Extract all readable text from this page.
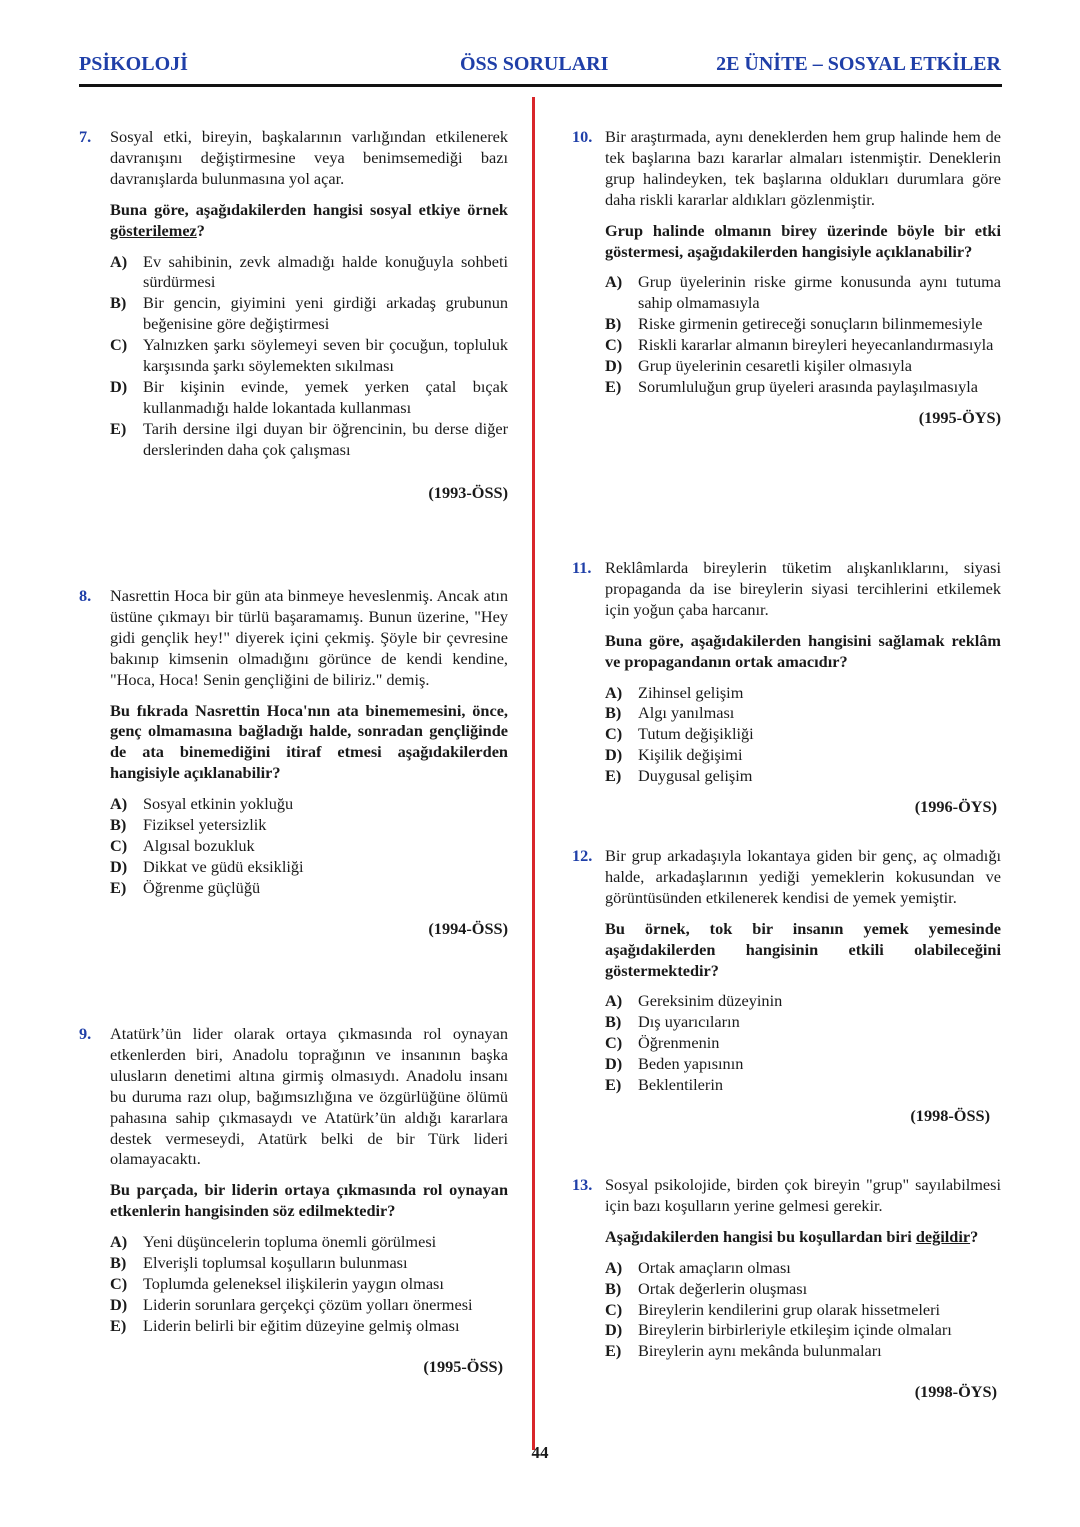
PSİKOLOJİ	ÖSS SORULARI	2E ÜNİTE – SOSYAL ETKİLER
7. Sosyal etki, bireyin, başkalarının varlığından etkilenerek davranışını değiştirmesine veya benimsemediği bazı davranışlarda bulunmasına yol açar.
Buna göre, aşağıdakilerden hangisi sosyal etkiye örnek gösterilemez?
A) Ev sahibinin, zevk almadığı halde konuğuyla sohbeti sürdürmesi
B)	Bir gencin, giyimini yeni girdiği arkadaş grubunun beğenisine göre değiştirmesi
C) Yalnızken şarkı söylemeyi seven bir çocuğun, topluluk karşısında şarkı söylemekten sıkılması
D) Bir kişinin evinde, yemek yerken çatal bıçak kullanmadığı halde lokantada kullanması
E)	Tarih dersine ilgi duyan bir öğrencinin, bu derse diğer derslerinden daha çok çalışması
(1993-ÖSS)
8. Nasrettin Hoca bir gün ata binmeye heveslenmiş. Ancak atın üstüne çıkmayı bir türlü başaramamış. Bunun üzerine, "Hey gidi gençlik hey!" diyerek içini çekmiş. Şöyle bir çevresine bakınıp kimsenin olmadığını görünce de kendi kendine, "Hoca, Hoca! Senin gençliğini de biliriz." demiş.
Bu fıkrada Nasrettin Hoca'nın ata binememesini, önce, genç olmamasına bağladığı halde, sonradan gençliğinde de ata binemediğini itiraf etmesi aşağıdakilerden hangisiyle açıklanabilir?
A) Sosyal etkinin yokluğu
B)	Fiziksel yetersizlik
C) Algısal bozukluk
D) Dikkat ve güdü eksikliği
E)	Öğrenme güçlüğü
(1994-ÖSS)
9. Atatürk’ün lider olarak ortaya çıkmasında rol oynayan etkenlerden biri, Anadolu toprağının ve insanının başka ulusların denetimi altına girmiş olmasıydı. Anadolu insanı bu duruma razı olup, bağımsızlığına ve özgürlüğüne ölümü pahasına sahip çıkmasaydı ve Atatürk’ün aldığı kararlara destek vermeseydi, Atatürk belki de bir Türk lideri olamayacaktı.
Bu parçada, bir liderin ortaya çıkmasında rol oynayan etkenlerin hangisinden söz edilmektedir?
A) Yeni düşüncelerin topluma önemli görülmesi
B)	Elverişli toplumsal koşulların bulunması
C) Toplumda geleneksel ilişkilerin yaygın olması
D) Liderin sorunlara gerçekçi çözüm yolları önermesi
E)	Liderin belirli bir eğitim düzeyine gelmiş olması
(1995-ÖSS)
10. Bir araştırmada, aynı deneklerden hem grup halinde hem de tek başlarına bazı kararlar almaları istenmiştir. Deneklerin grup halindeyken, tek başlarına oldukları durumlara göre daha riskli kararlar aldıkları gözlenmiştir.
Grup halinde olmanın birey üzerinde böyle bir etki göstermesi, aşağıdakilerden hangisiyle açıklanabilir?
A) Grup üyelerinin riske girme konusunda aynı tutuma sahip olmamasıyla
B)	Riske girmenin getireceği sonuçların bilinmemesiyle
C) Riskli kararlar almanın bireyleri heyecanlandırmasıyla
D) Grup üyelerinin cesaretli kişiler olmasıyla
E)	Sorumluluğun grup üyeleri arasında paylaşılmasıyla
(1995-ÖYS)
11. Reklâmlarda bireylerin tüketim alışkanlıklarını, siyasi propaganda da ise bireylerin siyasi tercihlerini etkilemek için yoğun çaba harcanır.
Buna göre, aşağıdakilerden hangisini sağlamak reklâm ve propagandanın ortak amacıdır?
A) Zihinsel gelişim
B)	Algı yanılması
C) Tutum değişikliği
D) Kişilik değişimi
E)	Duygusal gelişim
(1996-ÖYS)
12. Bir grup arkadaşıyla lokantaya giden bir genç, aç olmadığı halde, arkadaşlarının yediği yemeklerin kokusundan ve görüntüsünden etkilenerek kendisi de yemek yemiştir.
Bu örnek, tok bir insanın yemek yemesinde aşağıdakilerden hangisinin etkili olabileceğini göstermektedir?
A) Gereksinim düzeyinin
B)	Dış uyarıcıların
C) Öğrenmenin
D) Beden yapısının
E)	Beklentilerin
(1998-ÖSS)
13. Sosyal psikolojide, birden çok bireyin "grup" sayılabilmesi için bazı koşulların yerine gelmesi gerekir.
Aşağıdakilerden hangisi bu koşullardan biri değildir?
A) Ortak amaçların olması
B)	Ortak değerlerin oluşması
C) Bireylerin kendilerini grup olarak hissetmeleri
D) Bireylerin birbirleriyle etkileşim içinde olmaları
E)	Bireylerin aynı mekânda bulunmaları
(1998-ÖYS)
44
